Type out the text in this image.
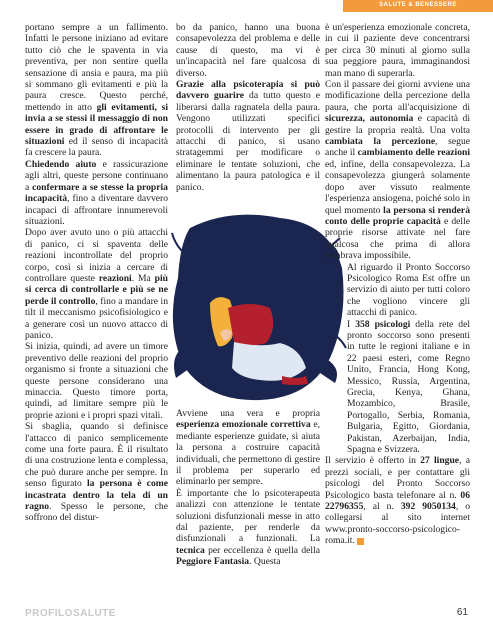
SALUTE & BENESSERE

portano sempre a un fallimento. Infatti le persone iniziano ad evitare tutto ciò che le spaventa in via preventiva, per non sentire quella sensazione di ansia e paura, ma più si sommano gli evitamenti e più la paura cresce. Questo perché, mettendo in atto gli evitamenti, si invia a se stessi il messaggio di non essere in grado di affrontare le situazioni ed il senso di incapacità fa crescere la paura.

Chiedendo aiuto e rassicurazione agli altri, queste persone continuano a confermare a se stesse la propria incapacità, fino a diventare davvero incapaci di affrontare innumerevoli situazioni.

Dopo aver avuto uno o più attacchi di panico, ci si spaventa delle reazioni incontrollate del proprio corpo, così si inizia a cercare di controllare queste reazioni. Ma più si cerca di controllarle e più se ne perde il controllo, fino a mandare in tilt il meccanismo psicofisiologico e a generare così un nuovo attacco di panico.

Si inizia, quindi, ad avere un timore preventivo delle reazioni del proprio organismo si fronte a situazioni che queste persone considerano una minaccia. Questo timore porta, quindi, ad limitare sempre più le proprie azioni e i propri spazi vitali.

Si sbaglia, quando si definisce l'attacco di panico semplicemente come una forte paura. È il risultato di una costruzione lenta e complessa, che può durare anche per sempre. In senso figurato la persona è come incastrata dentro la tela di un ragno. Spesso le persone, che soffrono del distur-

bo da panico, hanno una buona consapevolezza del problema e delle cause di questo, ma vi è un'incapacità nel fare qualcosa di diverso.

Grazie alla psicoterapia si può davvero guarire da tutto questo e liberarsi dalla ragnatela della paura. Vengono utilizzati specifici protocolli di intervento per gli attacchi di panico, si usano stratagemmi per modificare o eliminare le tentate soluzioni, che alimentano la paura patologica e il panico.

Avviene una vera e propria esperienza emozionale correttiva e, mediante esperienze guidate, si aiuta la persona a costruire capacità individuali, che permettono di gestire il problema per superarlo ed eliminarlo per sempre.

È importante che lo psicoterapeuta analizzi con attenzione le tentate soluzioni disfunzionali messe in atto dal paziente, per renderle da disfunzionali a funzionali. La tecnica per eccellenza è quella della Peggiore Fantasia. Questa

è un'esperienza emozionale concreta, in cui il paziente deve concentrarsi per circa 30 minuti al giorno sulla sua peggiore paura, immaginandosi man mano di superarla.

Con il passare dei giorni avviene una modificazione della percezione della paura, che porta all'acquisizione di sicurezza, autonomia e capacità di gestire la propria realtà. Una volta cambiata la percezione, segue anche il cambiamento delle reazioni ed, infine, della consapevolezza. La consapevolezza giungerà solamente dopo aver vissuto realmente l'esperienza ansiogena, poiché solo in quel momento la persona si renderà conto delle proprie capacità e delle proprie risorse attivate nel fare qualcosa che prima di allora sembrava impossibile.

Al riguardo il Pronto Soccorso Psicologico Roma Est offre un servizio di aiuto per tutti coloro che vogliono vincere gli attacchi di panico.

I 358 psicologi della rete del pronto soccorso sono presenti in tutte le regioni italiane e in 22 paesi esteri, come Regno Unito, Francia, Hong Kong, Messico, Russia, Argentina, Grecia, Kenya, Ghana, Mozambico, Brasile, Portogallo, Serbia, Romania, Bulgaria, Egitto, Giordania, Pakistan, Azerbaijan, India, Spagna e Svizzera.

Il servizio è offerto in 27 lingue, a prezzi sociali, e per contattare gli psicologi del Pronto Soccorso Psicologico basta telefonare al n. 06 22796355, al n. 392 9050134, o collegarsi al sito internet www.pronto-soccorso-psicologico-roma.it.

PROFILOSALUTE	61
